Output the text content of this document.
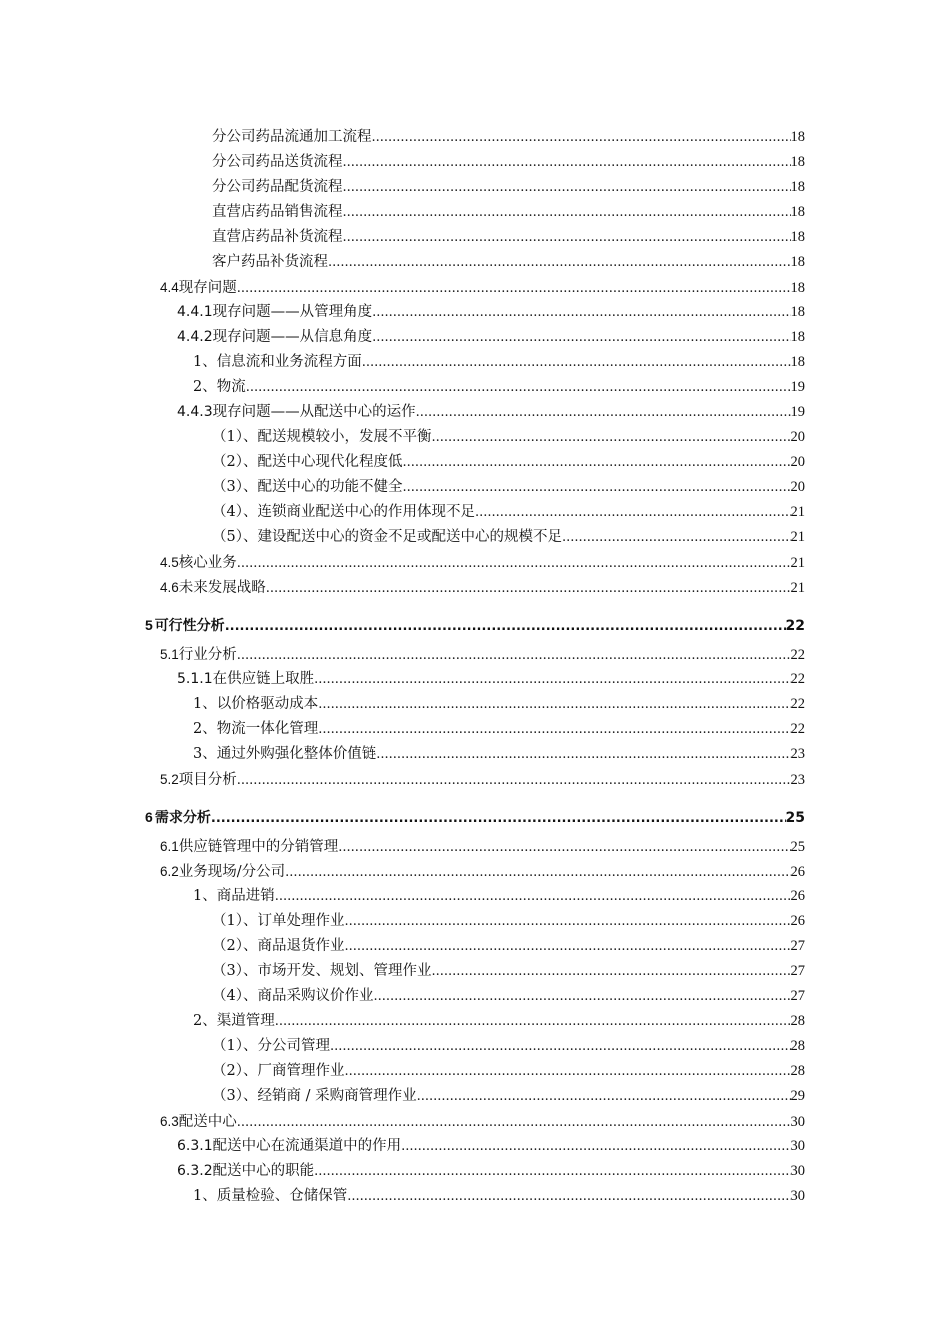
分公司药品流通加工流程 .....	18
分公司药品送货流程 .....	18
分公司药品配货流程 .....	18
直营店药品销售流程 .....	18
直营店药品补货流程 .....	18
客户药品补货流程 .....	18
4.4 现存问题 .....	18
4.4.1 现存问题——从管理角度 .....	18
4.4.2 现存问题——从信息角度 .....	18
1、信息流和业务流程方面 .....	18
2、物流 .....	19
4.4.3 现存问题——从配送中心的运作 .....	19
（1）、配送规模较小，发展不平衡 .....	20
（2）、配送中心现代化程度低 .....	20
（3）、配送中心的功能不健全 .....	20
（4）、连锁商业配送中心的作用体现不足 .....	21
（5）、建设配送中心的资金不足或配送中心的规模不足 .....	21
4.5 核心业务 .....	21
4.6 未来发展战略 .....	21
5 可行性分析 .....	22
5.1 行业分析 .....	22
5.1.1 在供应链上取胜 .....	22
1、以价格驱动成本 .....	22
2、物流一体化管理 .....	22
3、通过外购强化整体价值链 .....	23
5.2 项目分析 .....	23
6 需求分析 .....	25
6.1 供应链管理中的分销管理 .....	25
6.2 业务现场/分公司 .....	26
1、商品进销 .....	26
（1）、订单处理作业 .....	26
（2）、商品退货作业 .....	27
（3）、市场开发、规划、管理作业 .....	27
（4）、商品采购议价作业 .....	27
2、渠道管理 .....	28
（1）、分公司管理 .....	28
（2）、厂商管理作业 .....	28
（3）、经销商 / 采购商管理作业 .....	29
6.3 配送中心 .....	30
6.3.1 配送中心在流通渠道中的作用 .....	30
6.3.2 配送中心的职能 .....	30
1、质量检验、仓储保管 .....	30
